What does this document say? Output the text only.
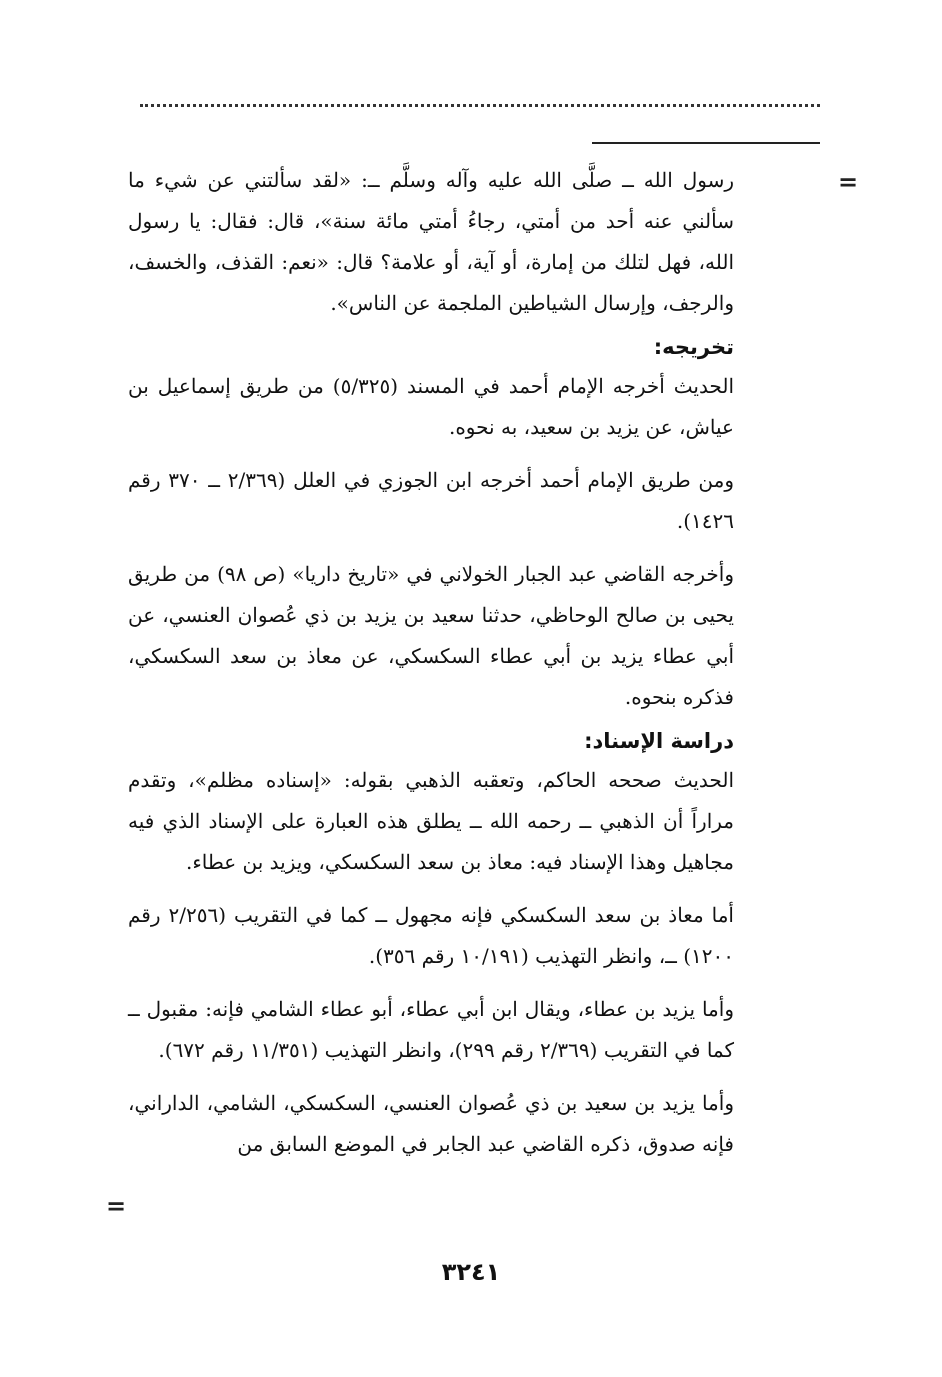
=

رسول الله ــ صلَّى الله عليه وآله وسلَّم ــ: «لقد سألتني عن شيء ما سألني عنه أحد من أمتي، رجاءُ أمتي مائة سنة»، قال: فقال: يا رسول الله، فهل لتلك من إمارة، أو آية، أو علامة؟ قال: «نعم: القذف، والخسف، والرجف، وإرسال الشياطين الملجمة عن الناس».

تخريجه:

الحديث أخرجه الإمام أحمد في المسند (٥/٣٢٥) من طريق إسماعيل بن عياش، عن يزيد بن سعيد، به نحوه.

ومن طريق الإمام أحمد أخرجه ابن الجوزي في العلل (٢/٣٦٩ ــ ٣٧٠ رقم ١٤٢٦).

وأخرجه القاضي عبد الجبار الخولاني في «تاريخ داريا» (ص ٩٨) من طريق يحيى بن صالح الوحاظي، حدثنا سعيد بن يزيد بن ذي عُصوان العنسي، عن أبي عطاء يزيد بن أبي عطاء السكسكي، عن معاذ بن سعد السكسكي، فذكره بنحوه.

دراسة الإسناد:

الحديث صححه الحاكم، وتعقبه الذهبي بقوله: «إسناده مظلم»، وتقدم مراراً أن الذهبي ــ رحمه الله ــ يطلق هذه العبارة على الإسناد الذي فيه مجاهيل وهذا الإسناد فيه: معاذ بن سعد السكسكي، ويزيد بن عطاء.

أما معاذ بن سعد السكسكي فإنه مجهول ــ كما في التقريب (٢/٢٥٦ رقم ١٢٠٠) ــ، وانظر التهذيب (١٠/١٩١ رقم ٣٥٦).

وأما يزيد بن عطاء، ويقال ابن أبي عطاء، أبو عطاء الشامي فإنه: مقبول ــ كما في التقريب (٢/٣٦٩ رقم ٢٩٩)، وانظر التهذيب (١١/٣٥١ رقم ٦٧٢).

وأما يزيد بن سعيد بن ذي عُصوان العنسي، السكسكي، الشامي، الداراني، فإنه صدوق، ذكره القاضي عبد الجابر في الموضع السابق من

=
٣٢٤١
